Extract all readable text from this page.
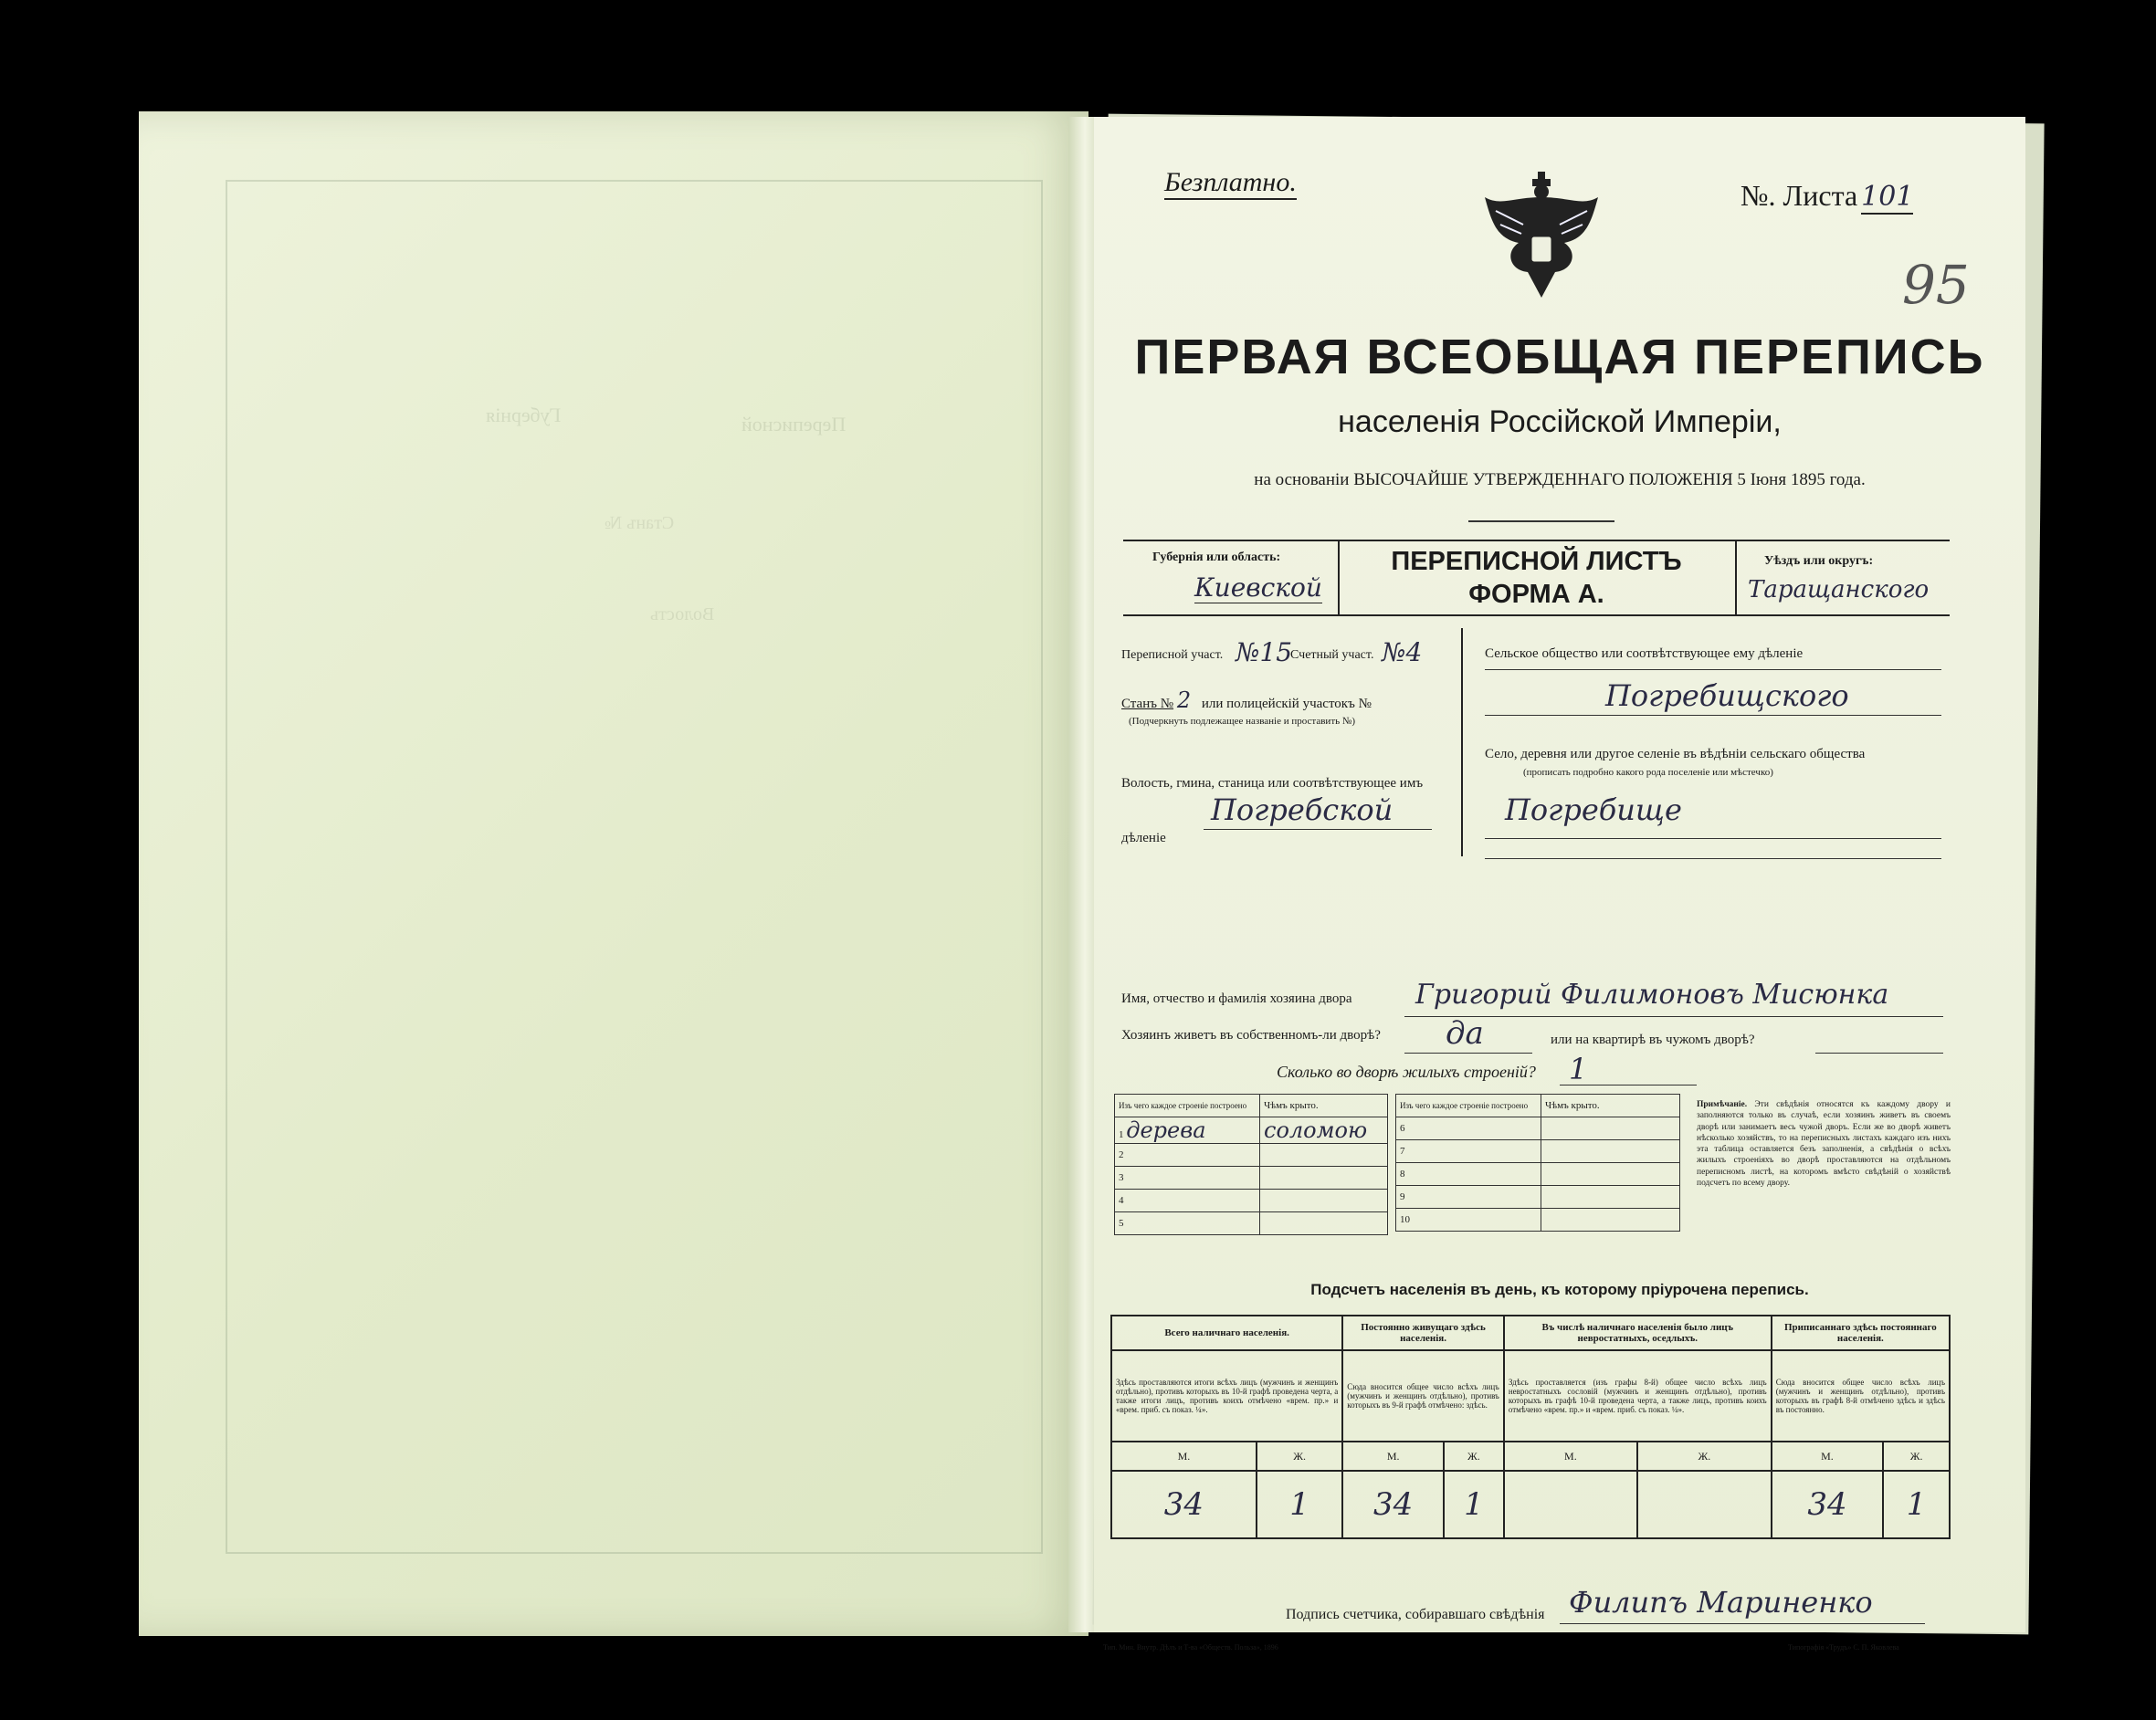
Губернія	Переписной
Станъ №
Волость
Безплатно.	№. Листа 101
95
ПЕРВАЯ ВСЕОБЩАЯ ПЕРЕПИСЬ
населенія Россійской Имперіи,
на основаніи ВЫСОЧАЙШЕ УТВЕРЖДЕННАГО ПОЛОЖЕНІЯ 5 Іюня 1895 года.
Губернія или область:
Киевской
ПЕРЕПИСНОЙ ЛИСТЪ
ФОРМА А.
Уѣздъ или округъ:
Таращанского
Переписной участ. №15
Счетный участ. №4
Станъ № 2 или полицейскій участокъ №
(Подчеркнуть подлежащее названіе и проставить №)
Волость, гмина, станица или соотвѣтствующее имъ дѣленіе
Погребской
Сельское общество или соотвѣтствующее ему дѣленіе
Погребищского
Село, деревня или другое селеніе въ вѣдѣніи сельскаго общества
(прописать подробно какого рода поселеніе или мѣстечко)
Погребище
Имя, отчество и фамилія хозяина двора Григорий Филимоновъ Мисюнка
Хозяинъ живетъ въ собственномъ-ли дворѣ? да	или на квартирѣ въ чужомъ дворѣ?
Сколько во дворѣ жилыхъ строеній? 1
Изъ чего каждое строеніе построено	Чѣмъ крыто.
1 дерева	соломою
2	
3	
4	
5	
Изъ чего каждое строеніе построено	Чѣмъ крыто.
6	
7	
8	
9	
10	
Примѣчаніе. Эти свѣдѣнія относятся къ каждому двору и заполняются только въ случаѣ, если хозяинъ живетъ въ своемъ дворѣ или занимаетъ весь чужой дворъ. Если же во дворѣ живетъ нѣсколько хозяйствъ, то на переписныхъ листахъ каждаго изъ нихъ эта таблица оставляется безъ заполненія, а свѣдѣнія о всѣхъ жилыхъ строеніяхъ во дворѣ проставляются на отдѣльномъ переписномъ листѣ, на которомъ вмѣсто свѣдѣній о хозяйствѣ подсчетъ по всему двору.
Подсчетъ населенія въ день, къ которому пріурочена перепись.
Всего наличнаго населенія.		Постоянно живущаго здѣсь населенія.		Въ числѣ наличнаго населенія было лицъ невростатныхъ, оседлыхъ.		Приписаннаго здѣсь постояннаго населенія.	
Здѣсь проставляются итоги всѣхъ лицъ (мужчинъ и женщинъ отдѣльно), противъ которыхъ въ 10-й графѣ проведена черта, а также итоги лицъ, противъ коихъ отмѣчено «врем. пр.» и «врем. приб. съ показ. ¼».		Сюда вносится общее число всѣхъ лицъ (мужчинъ и женщинъ отдѣльно), противъ которыхъ въ 9-й графѣ отмѣчено: здѣсь.		Здѣсь проставляется (изъ графы 8-й) общее число всѣхъ лицъ невростатныхъ сословій (мужчинъ и женщинъ отдѣльно), противъ которыхъ въ графѣ 10-й проведена черта, а также лицъ, противъ коихъ отмѣчено «врем. пр.» и «врем. приб. съ показ. ¼».		Сюда вносится общее число всѣхъ лицъ (мужчинъ и женщинъ отдѣльно), противъ которыхъ въ графѣ 8-й отмѣчено здѣсь и здѣсь въ постоянно.	
М.	Ж.	М.	Ж.	М.	Ж.	М.	Ж.
34	1	34	1			34	1
Подпись счетчика, собиравшаго свѣдѣнія Филипъ Мариненко
Тип. Мин. Внутр. Дѣлъ и Т-ва «Обществ. Польза», 1896	Типографія «Трудъ» С. П. Яковлева
